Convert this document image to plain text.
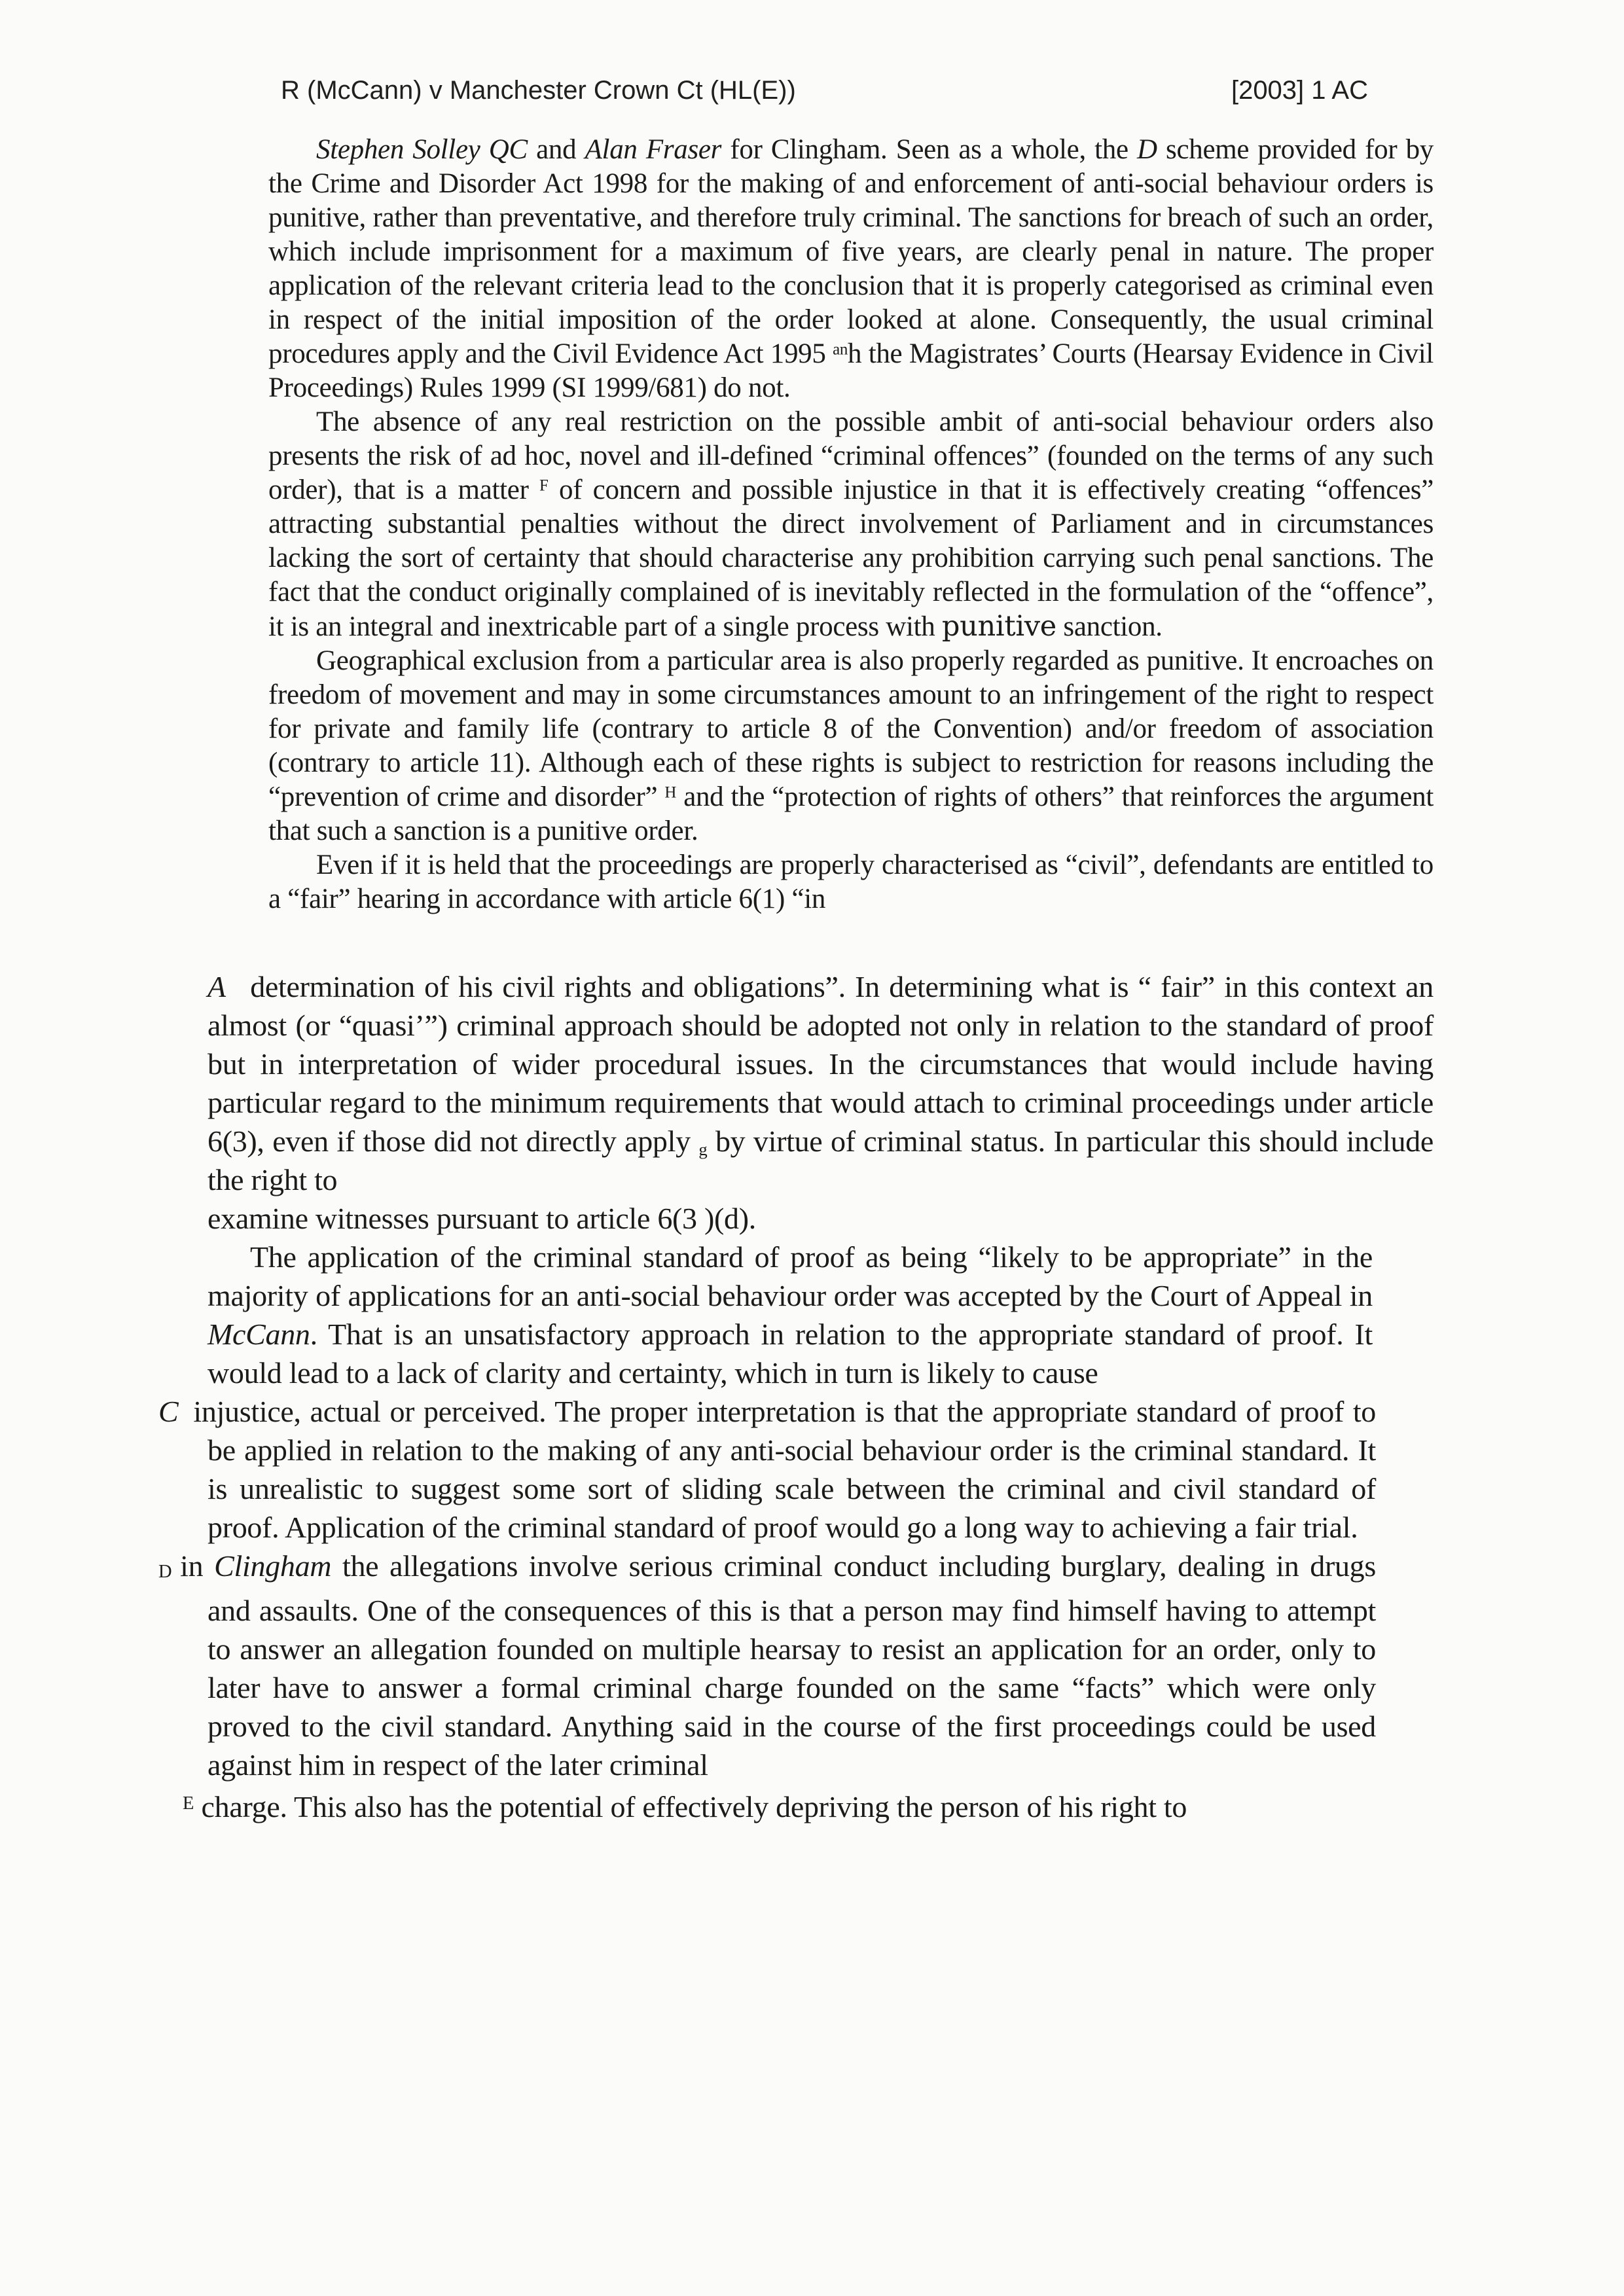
R (McCann) v Manchester Crown Ct (HL(E))	[2003] 1 AC

Stephen Solley QC and Alan Fraser for Clingham. Seen as a whole, the D scheme provided for by the Crime and Disorder Act 1998 for the making of and enforcement of anti-social behaviour orders is punitive, rather than preventative, and therefore truly criminal. The sanctions for breach of such an order, which include imprisonment for a maximum of five years, are clearly penal in nature. The proper application of the relevant criteria lead to the conclusion that it is properly categorised as criminal even in respect of the initial imposition of the order looked at alone. Consequently, the usual criminal procedures apply and the Civil Evidence Act 1995 $^{an}$h the Magistrates’ Courts (Hearsay Evidence in Civil Proceedings) Rules 1999 (SI 1999/681) do not.

The absence of any real restriction on the possible ambit of anti-social behaviour orders also presents the risk of ad hoc, novel and ill-defined “criminal offences” (founded on the terms of any such order), that is a matter $^F$ of concern and possible injustice in that it is effectively creating “offences” attracting substantial penalties without the direct involvement of Parliament and in circumstances lacking the sort of certainty that should characterise any prohibition carrying such penal sanctions. The fact that the conduct originally complained of is inevitably reflected in the formulation of the “offence”, it is an integral and inextricable part of a single process with punitive sanction.

Geographical exclusion from a particular area is also properly regarded as punitive. It encroaches on freedom of movement and may in some circumstances amount to an infringement of the right to respect for private and family life (contrary to article 8 of the Convention) and/or freedom of association (contrary to article 11). Although each of these rights is subject to restriction for reasons including the “prevention of crime and disorder” $^H$ and the “protection of rights of others” that reinforces the argument that such a sanction is a punitive order.

Even if it is held that the proceedings are properly characterised as “civil”, defendants are entitled to a “fair” hearing in accordance with article 6(1) “in

A determination of his civil rights and obligations”. In determining what is “ fair” in this context an almost (or “quasi’”) criminal approach should be adopted not only in relation to the standard of proof but in interpretation of wider procedural issues. In the circumstances that would include having particular regard to the minimum requirements that would attach to criminal proceedings under article 6(3), even if those did not directly apply $_g$ by virtue of criminal status. In particular this should include the right to

examine witnesses pursuant to article 6(3 )(d).

The application of the criminal standard of proof as being “likely to be appropriate” in the majority of applications for an anti-social behaviour order was accepted by the Court of Appeal in McCann. That is an unsatisfactory approach in relation to the appropriate standard of proof. It would lead to a lack of clarity and certainty, which in turn is likely to cause

C injustice, actual or perceived. The proper interpretation is that the appropriate standard of proof to be applied in relation to the making of any anti-social behaviour order is the criminal standard. It is unrealistic to suggest some sort of sliding scale between the criminal and civil standard of proof. Application of the criminal standard of proof would go a long way to achieving a fair trial.

D in Clingham the allegations involve serious criminal conduct including burglary, dealing in drugs and assaults. One of the consequences of this is that a person may find himself having to attempt to answer an allegation founded on multiple hearsay to resist an application for an order, only to later have to answer a formal criminal charge founded on the same “facts” which were only proved to the civil standard. Anything said in the course of the first proceedings could be used against him in respect of the later criminal

$^E$ charge. This also has the potential of effectively depriving the person of his right to
